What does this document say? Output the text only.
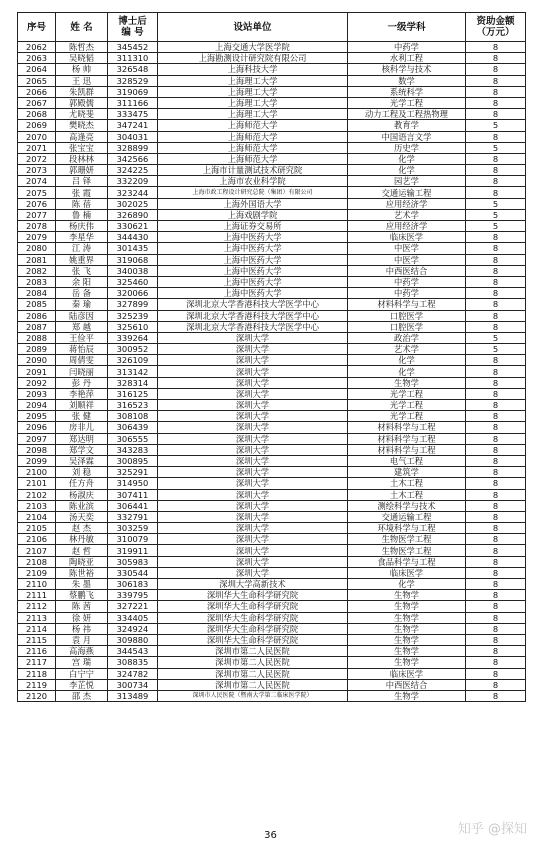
序号	姓 名	博士后
编 号	设站单位	一级学科	资助金额
（万元）
2062	陈哲杰	345452	上海交通大学医学院	中药学	8
2063	吴晓韬	311310	上海勘测设计研究院有限公司	水利工程	8
2064	杨 帅	326548	上海科技大学	核科学与技术	8
2065	王 迅	328529	上海理工大学	数学	8
2066	朱凯群	319069	上海理工大学	系统科学	8
2067	郭殿儒	311166	上海理工大学	光学工程	8
2068	尤晓斐	333475	上海理工大学	动力工程及工程热物理	8
2069	樊晓杰	347241	上海师范大学	教育学	5
2070	高逢亮	304031	上海师范大学	中国语言文学	8
2071	张宝宝	328899	上海师范大学	历史学	5
2072	段林林	342566	上海师范大学	化学	8
2073	郭珊妍	324225	上海市计量测试技术研究院	化学	8
2074	吕 铎	332209	上海市农业科学院	园艺学	8
2075	张 霞	323244	上海市政工程设计研究总院（集团）有限公司	交通运输工程	8
2076	陈 蓓	302025	上海外国语大学	应用经济学	5
2077	鲁 楠	326890	上海戏剧学院	艺术学	5
2078	杨庆伟	330621	上海证券交易所	应用经济学	5
2079	李星华	344430	上海中医药大学	临床医学	8
2080	江 涛	301435	上海中医药大学	中医学	8
2081	姚重界	319068	上海中医药大学	中医学	8
2082	张 飞	340038	上海中医药大学	中西医结合	8
2083	余 阳	325460	上海中医药大学	中药学	8
2084	岳 备	320066	上海中医药大学	中药学	8
2085	秦 瑜	327899	深圳北京大学香港科技大学医学中心	材料科学与工程	8
2086	陆彦因	325239	深圳北京大学香港科技大学医学中心	口腔医学	8
2087	郑 越	325610	深圳北京大学香港科技大学医学中心	口腔医学	8
2088	王俭平	339264	深圳大学	政治学	5
2089	蒋怡辰	300952	深圳大学	艺术学	5
2090	周倩雯	326109	深圳大学	化学	8
2091	闫晓丽	313142	深圳大学	化学	8
2092	彭 丹	328314	深圳大学	生物学	8
2093	李艳萍	316125	深圳大学	光学工程	8
2094	刘顺祥	316523	深圳大学	光学工程	8
2095	张 健	308108	深圳大学	光学工程	8
2096	房非儿	306439	深圳大学	材料科学与工程	8
2097	郑达明	306555	深圳大学	材料科学与工程	8
2098	郑学文	343283	深圳大学	材料科学与工程	8
2099	吴泽霖	300895	深圳大学	电气工程	8
2100	刘 稳	325291	深圳大学	建筑学	8
2101	任方舟	314950	深圳大学	土木工程	8
2102	杨淑庆	307411	深圳大学	土木工程	8
2103	陈业滨	306441	深圳大学	测绘科学与技术	8
2104	汤天奕	332791	深圳大学	交通运输工程	8
2105	赵 杰	303259	深圳大学	环境科学与工程	8
2106	林丹敏	310079	深圳大学	生物医学工程	8
2107	赵 哲	319911	深圳大学	生物医学工程	8
2108	陶晓亚	305983	深圳大学	食品科学与工程	8
2109	陈世裕	330544	深圳大学	临床医学	8
2110	朱 墨	306183	深圳大学高新技术	化学	8
2111	蔡鹏飞	339795	深圳华大生命科学研究院	生物学	8
2112	陈 茜	327221	深圳华大生命科学研究院	生物学	8
2113	徐 妍	334405	深圳华大生命科学研究院	生物学	8
2114	杨 祎	324924	深圳华大生命科学研究院	生物学	8
2115	袁 月	309880	深圳华大生命科学研究院	生物学	8
2116	高海燕	344543	深圳市第二人民医院	生物学	8
2117	宫 瑞	308835	深圳市第二人民医院	生物学	8
2118	白宁宁	324782	深圳市第二人民医院	临床医学	8
2119	李芷悦	300734	深圳市第二人民医院	中西医结合	8
2120	邵 杰	313489	深圳市人民医院（暨南大学第二临床医学院）	生物学	8
36	知乎 @探知
